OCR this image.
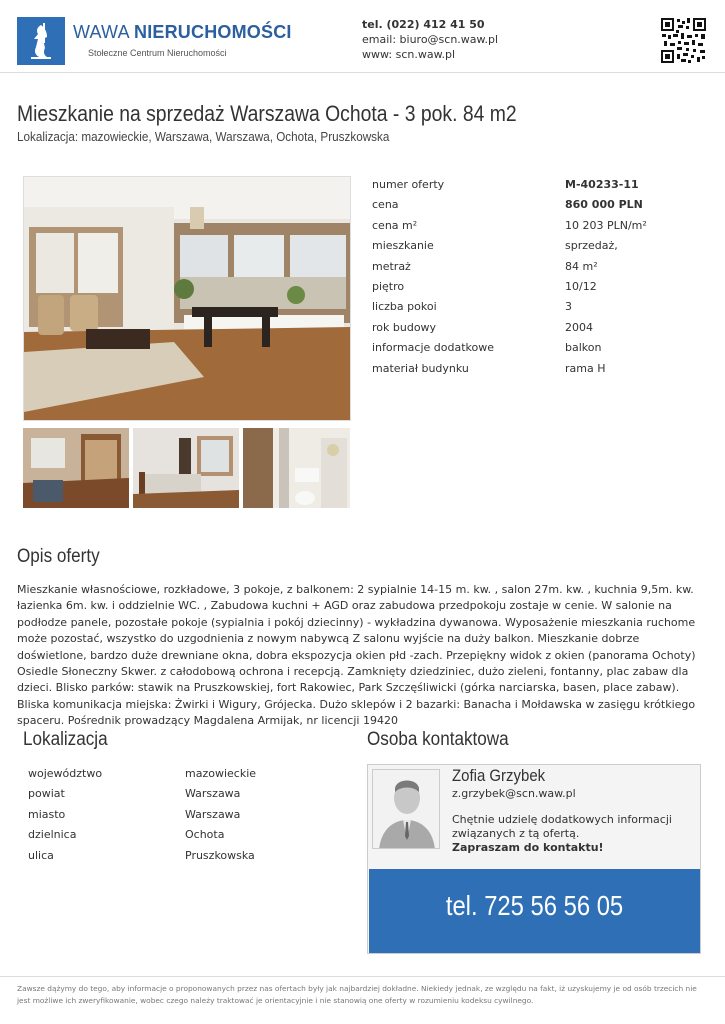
WAWA NIERUCHOMOŚCI
Stołeczne Centrum Nieruchomości
tel. (022) 412 41 50
email: biuro@scn.waw.pl
www: scn.waw.pl
Mieszkanie na sprzedaż Warszawa Ochota - 3 pok. 84 m2
Lokalizacja: mazowieckie, Warszawa, Warszawa, Ochota, Pruszkowska
numer oferty	M-40233-11
cena	860 000 PLN
cena m²	10 203 PLN/m²
mieszkanie	sprzedaż,
metraż	84 m²
piętro	10/12
liczba pokoi	3
rok budowy	2004
informacje dodatkowe	balkon
materiał budynku	rama H
Opis oferty
Mieszkanie własnościowe, rozkładowe, 3 pokoje, z balkonem: 2 sypialnie 14-15 m. kw. , salon 27m. kw. , kuchnia 9,5m. kw. łazienka 6m. kw. i oddzielnie WC. , Zabudowa kuchni + AGD oraz zabudowa przedpokoju zostaje w cenie. W salonie na podłodze panele, pozostałe pokoje (sypialnia i pokój dziecinny) - wykładzina dywanowa. Wyposażenie mieszkania ruchome może pozostać, wszystko do uzgodnienia z nowym nabywcą Z salonu wyjście na duży balkon. Mieszkanie dobrze doświetlone, bardzo duże drewniane okna, dobra ekspozycja okien płd -zach. Przepiękny widok z okien (panorama Ochoty) Osiedle Słoneczny Skwer. z całodobową ochrona i recepcją. Zamknięty dziedziniec, dużo zieleni, fontanny, plac zabaw dla dzieci. Blisko parków: stawik na Pruszkowskiej, fort Rakowiec, Park Szczęśliwicki (górka narciarska, basen, place zabaw). Bliska komunikacja miejska: Żwirki i Wigury, Grójecka. Dużo sklepów i 2 bazarki: Banacha i Mołdawska w zasięgu krótkiego spaceru. Pośrednik prowadzący Magdalena Armijak, nr licencji 19420
Lokalizacja
województwo	mazowieckie
powiat	Warszawa
miasto	Warszawa
dzielnica	Ochota
ulica	Pruszkowska
Osoba kontaktowa
Zofia Grzybek
z.grzybek@scn.waw.pl
Chętnie udzielę dodatkowych informacji związanych z tą ofertą.
Zapraszam do kontaktu!
tel. 725 56 56 05
Zawsze dążymy do tego, aby informacje o proponowanych przez nas ofertach były jak najbardziej dokładne. Niekiedy jednak, ze względu na fakt, iż uzyskujemy je od osób trzecich nie jest możliwe ich zweryfikowanie, wobec czego należy traktować je orientacyjnie i nie stanowią one oferty w rozumieniu kodeksu cywilnego.
